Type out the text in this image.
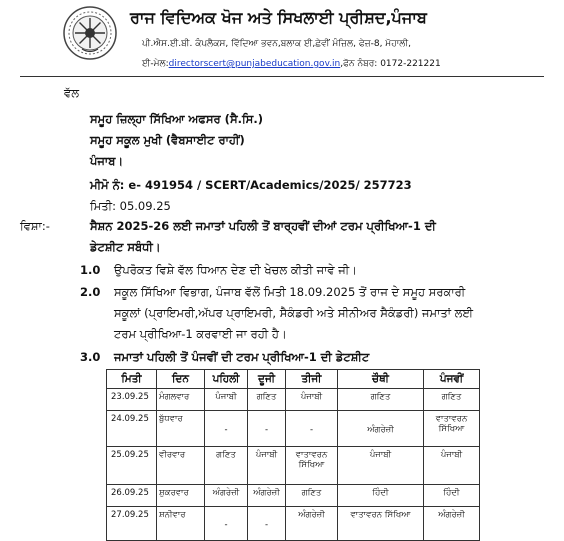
ਰਾਜ ਵਿਦਿਅਕ ਖੋਜ ਅਤੇ ਸਿਖਲਾਈ ਪ੍ਰੀਸ਼ਦ,ਪੰਜਾਬ
ਪੀ.ਐਸ.ਈ.ਬੀ. ਕੰਪਲੈਕਸ, ਵਿੱਦਿਆ ਭਵਨ,ਬਲਾਕ ਈ,ਛੇਵੀਂ ਮੰਜ਼ਿਲ, ਫੇਜ਼-8, ਮੋਹਾਲੀ,
ਈ-ਮੇਲ:directorscert@punjabeducation.gov.in,ਫੋਨ ਨੰਬਰ: 0172-221221
ਵੱਲ
ਸਮੂਹ ਜ਼ਿਲ੍ਹਾ ਸਿੱਖਿਆ ਅਫਸਰ (ਸੈ.ਸਿ.)
ਸਮੂਹ ਸਕੂਲ ਮੁਖੀ (ਵੈਬਸਾਈਟ ਰਾਹੀਂ)
ਪੰਜਾਬ।
ਮੀਮੋ ਨੰ: e- 491954 / SCERT/Academics/2025/ 257723
ਮਿਤੀ: 05.09.25
ਵਿਸ਼ਾ:-	ਸੈਸ਼ਨ 2025-26 ਲਈ ਜਮਾਤਾਂ ਪਹਿਲੀ ਤੋਂ ਬਾਰ੍ਹਵੀਂ ਦੀਆਂ ਟਰਮ ਪ੍ਰੀਖਿਆ-1 ਦੀ
ਡੇਟਸ਼ੀਟ ਸਬੰਧੀ।
1.0 ਉਪਰੋਕਤ ਵਿਸ਼ੇ ਵੱਲ ਧਿਆਨ ਦੇਣ ਦੀ ਖੇਚਲ ਕੀਤੀ ਜਾਵੇ ਜੀ।
2.0 ਸਕੂਲ ਸਿੱਖਿਆ ਵਿਭਾਗ, ਪੰਜਾਬ ਵੱਲੋਂ ਮਿਤੀ 18.09.2025 ਤੋਂ ਰਾਜ ਦੇ ਸਮੂਹ ਸਰਕਾਰੀ
ਸਕੂਲਾਂ (ਪ੍ਰਾਇਮਰੀ,ਅੱਪਰ ਪ੍ਰਾਇਮਰੀ, ਸੈਕੰਡਰੀ ਅਤੇ ਸੀਨੀਅਰ ਸੈਕੰਡਰੀ) ਜਮਾਤਾਂ ਲਈ
ਟਰਮ ਪ੍ਰੀਖਿਆ-1 ਕਰਵਾਈ ਜਾ ਰਹੀ ਹੈ।
3.0 ਜਮਾਤਾਂ ਪਹਿਲੀ ਤੋਂ ਪੰਜਵੀਂ ਦੀ ਟਰਮ ਪ੍ਰੀਖਿਆ-1 ਦੀ ਡੇਟਸ਼ੀਟ
ਮਿਤੀ	ਦਿਨ	ਪਹਿਲੀ	ਦੂਜੀ	ਤੀਜੀ	ਚੌਥੀ	ਪੰਜਵੀਂ
23.09.25	ਮੰਗਲਵਾਰ	ਪੰਜਾਬੀ	ਗਣਿਤ	ਪੰਜਾਬੀ	ਗਣਿਤ	ਗਣਿਤ
24.09.25	ਬੁੱਧਵਾਰ	-	-	-	ਅੰਗਰੇਜ਼ੀ	ਵਾਤਾਵਰਨ ਸਿੱਖਿਆ
25.09.25	ਵੀਰਵਾਰ	ਗਣਿਤ	ਪੰਜਾਬੀ	ਵਾਤਾਵਰਨ ਸਿੱਖਿਆ	ਪੰਜਾਬੀ	ਪੰਜਾਬੀ
26.09.25	ਸ਼ੁਕਰਵਾਰ	ਅੰਗਰੇਜ਼ੀ	ਅੰਗਰੇਜ਼ੀ	ਗਣਿਤ	ਹਿੰਦੀ	ਹਿੰਦੀ
27.09.25	ਸ਼ਨੀਵਾਰ	-	-	ਅੰਗਰੇਜ਼ੀ	ਵਾਤਾਵਰਨ ਸਿੱਖਿਆ	ਅੰਗਰੇਜ਼ੀ
